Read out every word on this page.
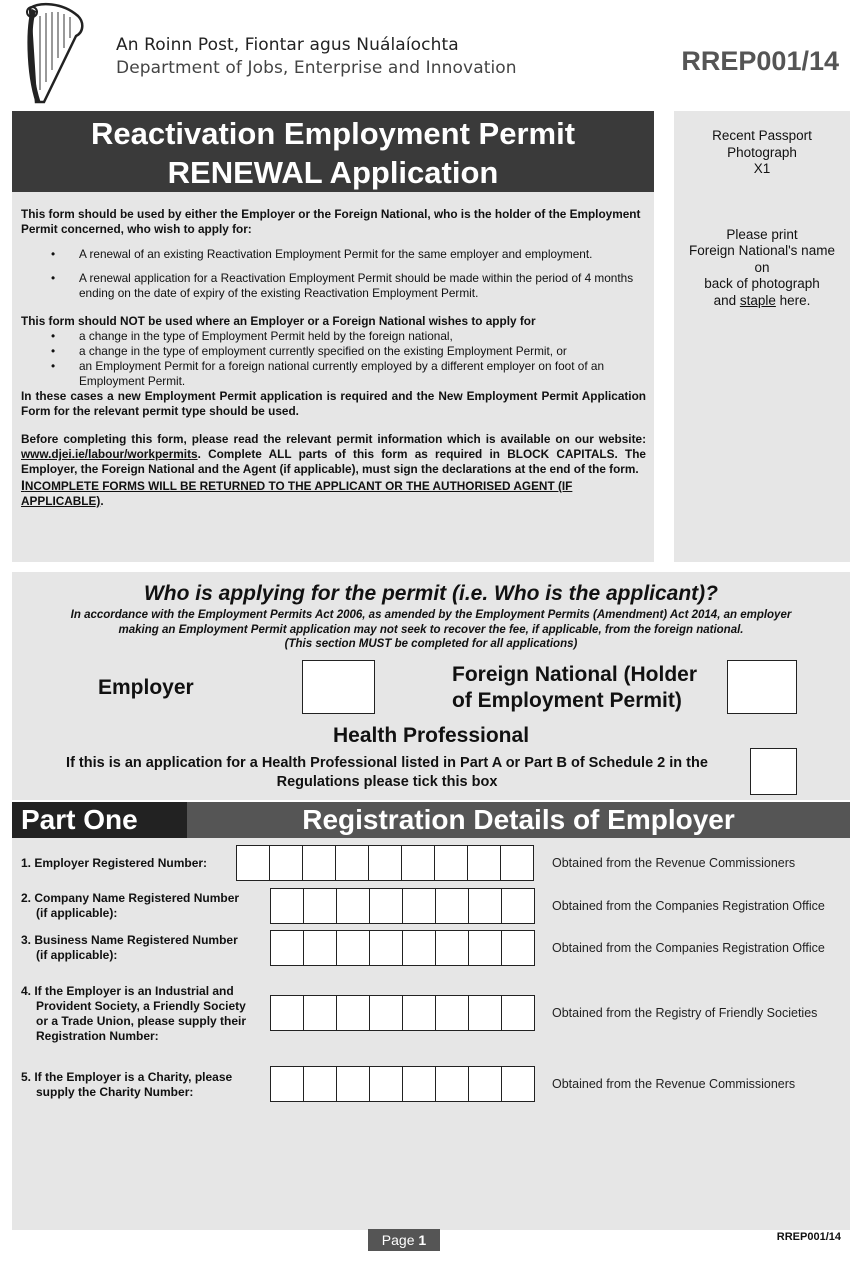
An Roinn Post, Fiontar agus Nuálaíochta
Department of Jobs, Enterprise and Innovation	RREP001/14
Reactivation Employment Permit
RENEWAL Application

This form should be used by either the Employer or the Foreign National, who is the holder of the Employment Permit concerned, who wish to apply for:

• A renewal of an existing Reactivation Employment Permit for the same employer and employment.
• A renewal application for a Reactivation Employment Permit should be made within the period of 4 months ending on the date of expiry of the existing Reactivation Employment Permit.

This form should NOT be used where an Employer or a Foreign National wishes to apply for

• a change in the type of Employment Permit held by the foreign national,
• a change in the type of employment currently specified on the existing Employment Permit, or
• an Employment Permit for a foreign national currently employed by a different employer on foot of an Employment Permit.

In these cases a new Employment Permit application is required and the New Employment Permit Application Form for the relevant permit type should be used.

Before completing this form, please read the relevant permit information which is available on our website: www.djei.ie/labour/workpermits. Complete ALL parts of this form as required in BLOCK CAPITALS. The Employer, the Foreign National and the Agent (if applicable), must sign the declarations at the end of the form.

INCOMPLETE FORMS WILL BE RETURNED TO THE APPLICANT OR THE AUTHORISED AGENT (IF
APPLICABLE).

Recent Passport
Photograph
X1
Please print
Foreign National's name
on
back of photograph
and staple here.
Who is applying for the permit (i.e. Who is the applicant)?
In accordance with the Employment Permits Act 2006, as amended by the Employment Permits (Amendment) Act 2014, an employer
making an Employment Permit application may not seek to recover the fee, if applicable, from the foreign national.
(This section MUST be completed for all applications)
Employer
Foreign National (Holder
of Employment Permit)
Health Professional
If this is an application for a Health Professional listed in Part A or Part B of Schedule 2 in the
Regulations please tick this box
Part One	Registration Details of Employer
1. Employer Registered Number:	Obtained from the Revenue Commissioners
2. Company Name Registered Number
(if applicable):	Obtained from the Companies Registration Office
3. Business Name Registered Number
(if applicable):	Obtained from the Companies Registration Office
4. If the Employer is an Industrial and
Provident Society, a Friendly Society
or a Trade Union, please supply their
Registration Number:
Obtained from the Registry of Friendly Societies
5. If the Employer is a Charity, please
supply the Charity Number:
Obtained from the Revenue Commissioners
Page 1	RREP001/14
